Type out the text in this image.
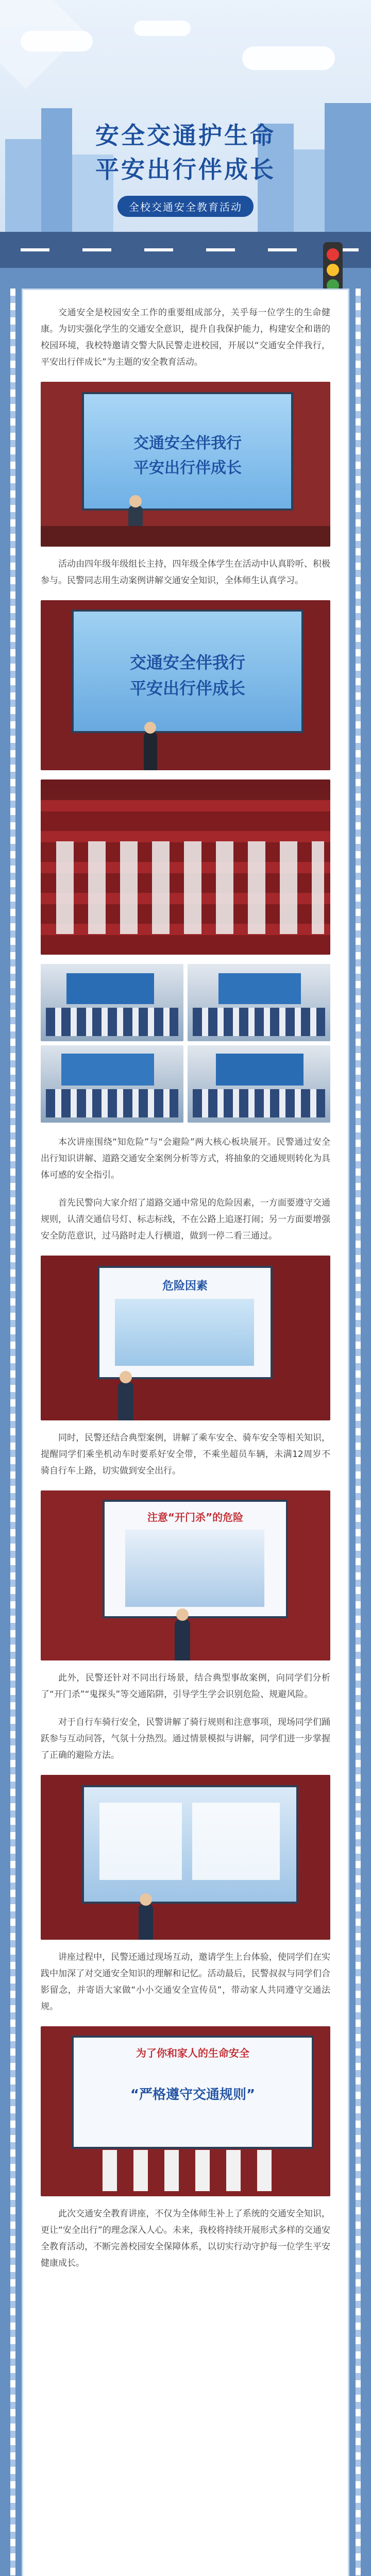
安全交通护生命
平安出行伴成长
全校交通安全教育活动

交通安全是校园安全工作的重要组成部分，关乎每一位学生的生命健康。为切实强化学生的交通安全意识，提升自我保护能力，构建安全和谐的校园环境，我校特邀请交警大队民警走进校园，开展以“交通安全伴我行，平安出行伴成长”为主题的安全教育活动。

交通安全伴我行
平安出行伴成长

活动由四年级年级组长主持，四年级全体学生在活动中认真聆听、积极参与。民警同志用生动案例讲解交通安全知识，全体师生认真学习。

交通安全伴我行
平安出行伴成长

本次讲座围绕“知危险”与“会避险”两大核心板块展开。民警通过安全出行知识讲解、道路交通安全案例分析等方式，将抽象的交通规则转化为具体可感的安全指引。

首先民警向大家介绍了道路交通中常见的危险因素，一方面要遵守交通规则，认清交通信号灯、标志标线，不在公路上追逐打闹；另一方面要增强安全防范意识，过马路时走人行横道，做到一停二看三通过。

危险因素

同时，民警还结合典型案例，讲解了乘车安全、骑车安全等相关知识，提醒同学们乘坐机动车时要系好安全带，不乘坐超员车辆，未满12周岁不骑自行车上路，切实做到安全出行。

注意“开门杀”的危险

此外，民警还针对不同出行场景，结合典型事故案例，向同学们分析了“开门杀”“鬼探头”等交通陷阱，引导学生学会识别危险、规避风险。

对于自行车骑行安全，民警讲解了骑行规则和注意事项，现场同学们踊跃参与互动问答，气氛十分热烈。通过情景模拟与讲解，同学们进一步掌握了正确的避险方法。

讲座过程中，民警还通过现场互动，邀请学生上台体验，使同学们在实践中加深了对交通安全知识的理解和记忆。活动最后，民警叔叔与同学们合影留念，并寄语大家做“小小交通安全宣传员”，带动家人共同遵守交通法规。

为了你和家人的生命安全
“严格遵守交通规则”

此次交通安全教育讲座，不仅为全体师生补上了系统的交通安全知识，更让“安全出行”的理念深入人心。未来，我校将持续开展形式多样的交通安全教育活动，不断完善校园安全保障体系，以切实行动守护每一位学生平安健康成长。
